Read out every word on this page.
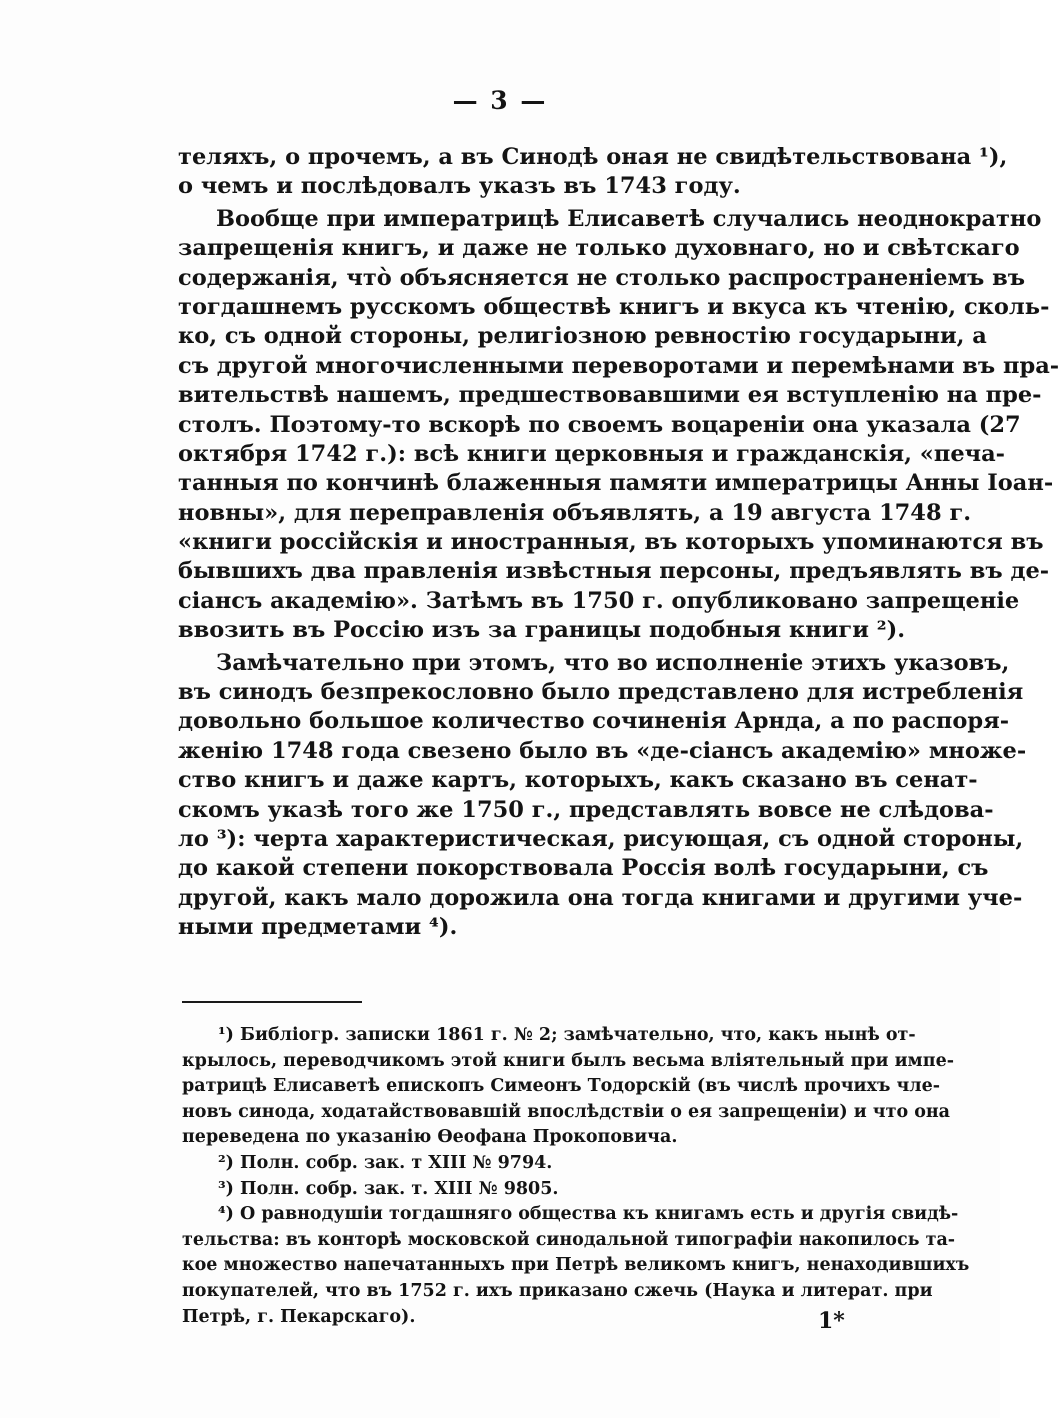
— 3 —
теляхъ, о прочемъ, а въ Синодѣ оная не свидѣтельствована ¹),
о чемъ и послѣдовалъ указъ въ 1743 году.
Вообще при императрицѣ Елисаветѣ случались неоднократно
запрещенія книгъ, и даже не только духовнаго, но и свѣтскаго
содержанія, что̀ объясняется не столько распространеніемъ въ
тогдашнемъ русскомъ обществѣ книгъ и вкуса къ чтенію, сколь-
ко, съ одной стороны, религіозною ревностію государыни, а
съ другой многочисленными переворотами и перемѣнами въ пра-
вительствѣ нашемъ, предшествовавшими ея вступленію на пре-
столъ. Поэтому-то вскорѣ по своемъ воцареніи она указала (27
октября 1742 г.): всѣ книги церковныя и гражданскія, «печа-
танныя по кончинѣ блаженныя памяти императрицы Анны Іоан-
новны», для переправленія объявлять, а 19 августа 1748 г.
«книги россійскія и иностранныя, въ которыхъ упоминаются въ
бывшихъ два правленія извѣстныя персоны, предъявлять въ де-
сіансъ академію». Затѣмъ въ 1750 г. опубликовано запрещеніе
ввозить въ Россію изъ за границы подобныя книги ²).
Замѣчательно при этомъ, что во исполненіе этихъ указовъ,
въ синодъ безпрекословно было представлено для истребленія
довольно большое количество сочиненія Арнда, а по распоря-
женію 1748 года свезено было въ «де-сіансъ академію» множе-
ство книгъ и даже картъ, которыхъ, какъ сказано въ сенат-
скомъ указѣ того же 1750 г., представлять вовсе не слѣдова-
ло ³): черта характеристическая, рисующая, съ одной стороны,
до какой степени покорствовала Россія волѣ государыни, съ
другой, какъ мало дорожила она тогда книгами и другими уче-
ными предметами ⁴).
¹) Библіогр. записки 1861 г. № 2; замѣчательно, что, какъ нынѣ от-
крылось, переводчикомъ этой книги былъ весьма вліятельный при импе-
ратрицѣ Елисаветѣ епископъ Симеонъ Тодорскій (въ числѣ прочихъ чле-
новъ синода, ходатайствовавшій впослѣдствіи о ея запрещеніи) и что она
переведена по указанію Ѳеофана Прокоповича.
²) Полн. собр. зак. т XIII № 9794.
³) Полн. собр. зак. т. XIII № 9805.
⁴) О равнодушіи тогдашняго общества къ книгамъ есть и другія свидѣ-
тельства: въ конторѣ московской синодальной типографіи накопилось та-
кое множество напечатанныхъ при Петрѣ великомъ книгъ, ненаходившихъ
покупателей, что въ 1752 г. ихъ приказано сжечь (Наука и литерат. при
Петрѣ, г. Пекарскаго).	1*
